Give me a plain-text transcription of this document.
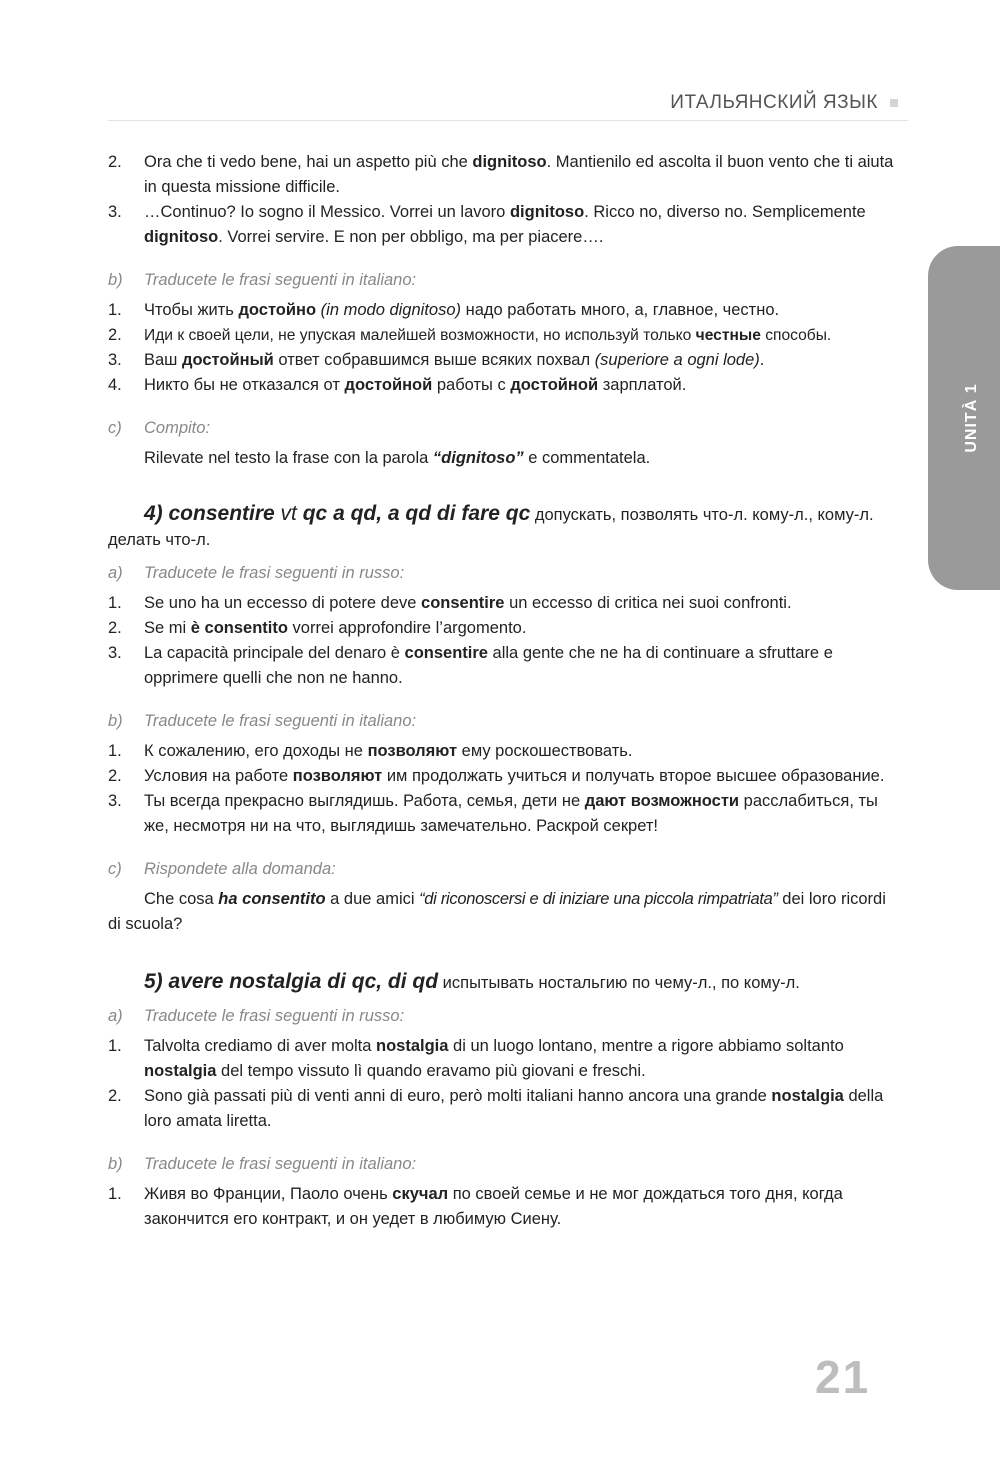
ИТАЛЬЯНСКИЙ ЯЗЫК
UNITÀ 1
2. Ora che ti vedo bene, hai un aspetto più che dignitoso. Mantienilo ed ascolta il buon vento che ti aiuta in questa missione difficile.
3. …Continuo? Io sogno il Messico. Vorrei un lavoro dignitoso. Ricco no, diverso no. Semplicemente dignitoso. Vorrei servire. E non per obbligo, ma per piacere….
b) Traducete le frasi seguenti in italiano:
1. Чтобы жить достойно (in modo dignitoso) надо работать много, а, главное, честно.
2. Иди к своей цели, не упуская малейшей возможности, но используй только честные способы.
3. Ваш достойный ответ собравшимся выше всяких похвал (superiore a ogni lode).
4. Никто бы не отказался от достойной работы с достойной зарплатой.
c) Compito:
Rilevate nel testo la frase con la parola “dignitoso” e commentatela.
4) consentire vt qc a qd, a qd di fare qc допускать, позволять что-л. кому-л., кому-л. делать что-л.
a) Traducete le frasi seguenti in russo:
1. Se uno ha un eccesso di potere deve consentire un eccesso di critica nei suoi confronti.
2. Se mi è consentito vorrei approfondire l’argomento.
3. La capacità principale del denaro è consentire alla gente che ne ha di continuare a sfruttare e opprimere quelli che non ne hanno.
b) Traducete le frasi seguenti in italiano:
1. К сожалению, его доходы не позволяют ему роскошествовать.
2. Условия на работе позволяют им продолжать учиться и получать второе высшее образование.
3. Ты всегда прекрасно выглядишь. Работа, семья, дети не дают возможности расслабиться, ты же, несмотря ни на что, выглядишь замечательно. Раскрой секрет!
c) Rispondete alla domanda:
Che cosa ha consentito a due amici “di riconoscersi e di iniziare una piccola rimpatriata” dei loro ricordi di scuola?
5) avere nostalgia di qc, di qd испытывать ностальгию по чему-л., по кому-л.
a) Traducete le frasi seguenti in russo:
1. Talvolta crediamo di aver molta nostalgia di un luogo lontano, mentre a rigore abbiamo soltanto nostalgia del tempo vissuto lì quando eravamo più giovani e freschi.
2. Sono già passati più di venti anni di euro, però molti italiani hanno ancora una grande nostalgia della loro amata liretta.
b) Traducete le frasi seguenti in italiano:
1. Живя во Франции, Паоло очень скучал по своей семье и не мог дождаться того дня, когда закончится его контракт, и он уедет в любимую Сиену.
21
